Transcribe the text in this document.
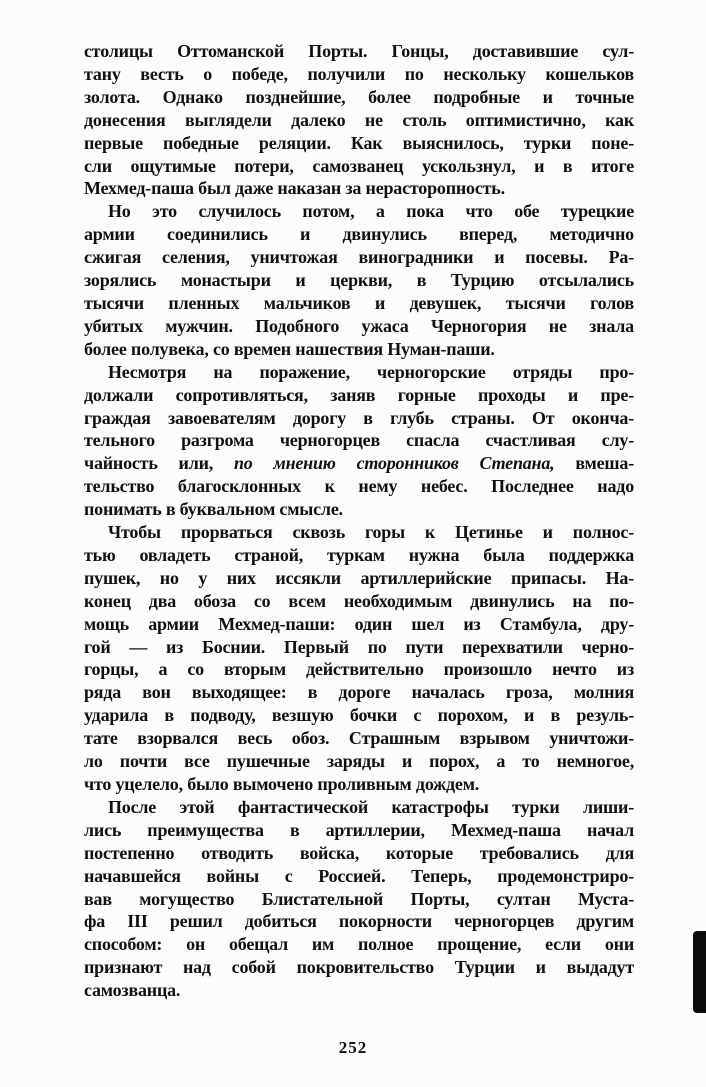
столицы Оттоманской Порты. Гонцы, доставившие сул-
тану весть о победе, получили по нескольку кошельков
золота. Однако позднейшие, более подробные и точные
донесения выглядели далеко не столь оптимистично, как
первые победные реляции. Как выяснилось, турки поне-
сли ощутимые потери, самозванец ускользнул, и в итоге
Мехмед-паша был даже наказан за нерасторопность.
Но это случилось потом, а пока что обе турецкие
армии соединились и двинулись вперед, методично
сжигая селения, уничтожая виноградники и посевы. Ра-
зорялись монастыри и церкви, в Турцию отсылались
тысячи пленных мальчиков и девушек, тысячи голов
убитых мужчин. Подобного ужаса Черногория не знала
более полувека, со времен нашествия Нуман-паши.
Несмотря на поражение, черногорские отряды про-
должали сопротивляться, заняв горные проходы и пре-
граждая завоевателям дорогу в глубь страны. От оконча-
тельного разгрома черногорцев спасла счастливая слу-
чайность или, по мнению сторонников Степана, вмеша-
тельство благосклонных к нему небес. Последнее надо
понимать в буквальном смысле.
Чтобы прорваться сквозь горы к Цетинье и полнос-
тью овладеть страной, туркам нужна была поддержка
пушек, но у них иссякли артиллерийские припасы. На-
конец два обоза со всем необходимым двинулись на по-
мощь армии Мехмед-паши: один шел из Стамбула, дру-
гой — из Боснии. Первый по пути перехватили черно-
горцы, а со вторым действительно произошло нечто из
ряда вон выходящее: в дороге началась гроза, молния
ударила в подводу, везшую бочки с порохом, и в резуль-
тате взорвался весь обоз. Страшным взрывом уничтожи-
ло почти все пушечные заряды и порох, а то немногое,
что уцелело, было вымочено проливным дождем.
После этой фантастической катастрофы турки лиши-
лись преимущества в артиллерии, Мехмед-паша начал
постепенно отводить войска, которые требовались для
начавшейся войны с Россией. Теперь, продемонстриро-
вав могущество Блистательной Порты, султан Муста-
фа III решил добиться покорности черногорцев другим
способом: он обещал им полное прощение, если они
признают над собой покровительство Турции и выдадут
самозванца.
252
